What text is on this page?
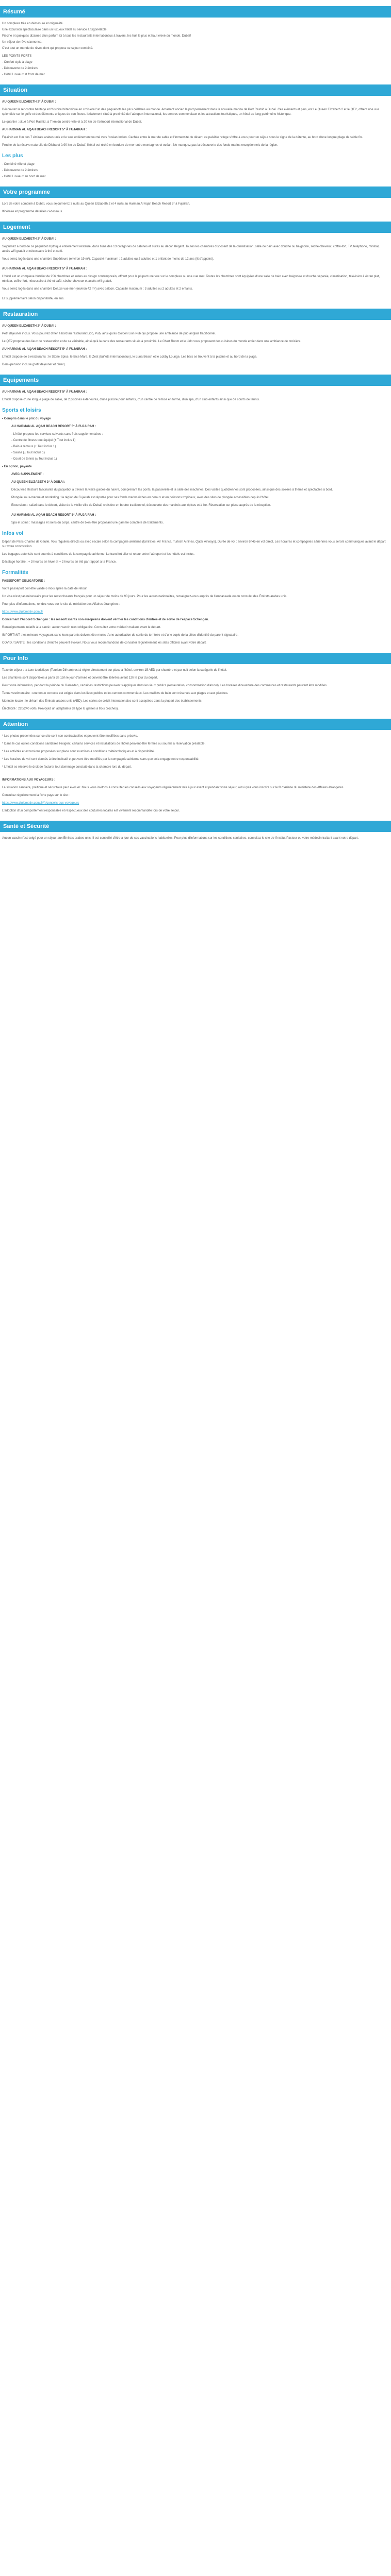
Résumé
Un complexe très en démesure et originalité.
Une excursion spectaculaire dans un luxueux hôtel au service à Sigonélable.
Piscine et quelques dizaines d'un parfum ici à tous les restaurants internationaux à travers, les huit le plus et haut élevé du monde. Dubaï!
Un séjour de rêve s'annonce.
C'est tout un monde de rêves dont qui propose ce séjour combiné.
LES POINTS FORTS
- Confort style à plage
- Découverte de 2 émirats
- Hôtel Luxueux et front de mer
Situation
AU QUEEN ELIZABETH 2* À DUBAI :
Découvrez la rencontre héritage et l'histoire britannique en croisière l'un des paquebots les plus célèbres au monde. Amarrant ancien le port permanent dans la nouvelle marina de Port Rashid à Dubaï. Ces éléments et plus, est Le Queen Elizabeth 2 et le QE2, offrent une vue splendide sur le golfe et des éléments uniques de son fleuve. Idéalement situé à proximité de l'aéroport international, les centres commerciaux et les attractions touristiques, un hôtel au long patrimoine historique.
Le quartier : situé à Port Rashid, à 7 km du centre-ville et à 20 km de l'aéroport international de Dubaï.
AU HARMAN AL AQAH BEACH RESORT 5* À FUJAIRAH :
Fujairah est l'un des 7 émirats arabes unis et le seul entièrement tourné vers l'océan Indien. Cachée entre la mer de sable et l'immensité du désert, ce paisible refuge s'offre à vous pour un séjour sous le signe de la détente, au bord d'une longue plage de sable fin.
Proche de la réserve naturelle de Dibba et à 90 km de Dubaï, l'hôtel est niché en bordure de mer entre montagnes et océan. Ne manquez pas la découverte des fonds marins exceptionnels de la région.
Les plus
- Combiné ville et plage
- Découverte de 2 émirats
- Hôtel Luxueux en bord de mer
Votre programme
Lors de votre combiné à Dubaï, vous séjournerez 3 nuits au Queen Elizabeth 2 et 4 nuits au Harman Al Aqah Beach Resort 5* à Fujairah.
Itinéraire et programme détaillés ci-dessous.
Logement
AU QUEEN ELIZABETH 2* À DUBAI :
Séjournez à bord de ce paquebot mythique entièrement restauré, dans l'une des 13 catégories de cabines et suites au décor élégant. Toutes les chambres disposent de la climatisation, salle de bain avec douche ou baignoire, sèche-cheveux, coffre-fort, TV, téléphone, minibar, accès wifi gratuit et nécessaire à thé et café.
Vous serez logés dans une chambre Supérieure (environ 19 m²). Capacité maximum : 2 adultes ou 2 adultes et 1 enfant de moins de 12 ans (lit d'appoint).
AU HARMAN AL AQAH BEACH RESORT 5* À FUJAIRAH :
L'hôtel est un complexe hôtelier de 256 chambres et suites au design contemporain, offrant pour la plupart une vue sur le complexe ou une vue mer. Toutes les chambres sont équipées d'une salle de bain avec baignoire et douche séparée, climatisation, télévision à écran plat, minibar, coffre-fort, nécessaire à thé et café, sèche-cheveux et accès wifi gratuit.
Vous serez logés dans une chambre Deluxe vue mer (environ 42 m²) avec balcon. Capacité maximum : 3 adultes ou 2 adultes et 2 enfants.
Lit supplémentaire selon disponibilité, en sus.
Restauration
AU QUEEN ELIZABETH 2* À DUBAI :
Petit déjeuner inclus. Vous pourrez dîner à bord au restaurant Lido, Pub, ainsi qu'au Golden Lion Pub qui propose une ambiance de pub anglais traditionnel.
Le QE2 propose des lieux de restauration et de sa véritable, ainsi qu'à la carte des restaurants situés à proximité. Le Chart Room et le Lido vous proposent des cuisines du monde entier dans une ambiance de croisière.
AU HARMAN AL AQAH BEACH RESORT 5* À FUJAIRAH :
L'hôtel dispose de 5 restaurants : le Stone Spice, le Bice Mare, le Zest (buffets internationaux), le Luna Beach et le Lobby Lounge. Les bars se trouvent à la piscine et au bord de la plage.
Demi-pension incluse (petit déjeuner et dîner).
Equipements
AU HARMAN AL AQAH BEACH RESORT 5* À FUJAIRAH :
L'hôtel dispose d'une longue plage de sable, de 2 piscines extérieures, d'une piscine pour enfants, d'un centre de remise en forme, d'un spa, d'un club enfants ainsi que de courts de tennis.
Sports et loisirs
• Compris dans le prix du voyage
AU HARMAN AL AQAH BEACH RESORT 5* À FUJAIRAH :
- L'hôtel propose les services suivants sans frais supplémentaires :
- Centre de fitness tout équipé (± Tout inclus 1)
- Bain à remous (± Tout inclus 1)
- Sauna (± Tout inclus 1)
- Court de tennis (± Tout inclus 1)
• En option, payante
AVEC SUPPLÉMENT :
AU QUEEN ELIZABETH 2* À DUBAI :
Découvrez l'histoire fascinante du paquebot à travers la visite guidée du navire, comprenant les ponts, la passerelle et la salle des machines. Des visites quotidiennes sont proposées, ainsi que des soirées à thème et spectacles à bord.
Plongée sous-marine et snorkeling : la région de Fujairah est réputée pour ses fonds marins riches en coraux et en poissons tropicaux, avec des sites de plongée accessibles depuis l'hôtel.
Excursions : safari dans le désert, visite de la vieille ville de Dubaï, croisière en boutre traditionnel, découverte des marchés aux épices et à l'or. Réservation sur place auprès de la réception.
AU HARMAN AL AQAH BEACH RESORT 5* À FUJAIRAH :
Spa et soins : massages et soins du corps, centre de bien-être proposant une gamme complète de traitements.
Infos vol
Départ de Paris Charles de Gaulle. Vols réguliers directs ou avec escale selon la compagnie aérienne (Emirates, Air France, Turkish Airlines, Qatar Airways). Durée de vol : environ 6h45 en vol direct. Les horaires et compagnies aériennes vous seront communiqués avant le départ sur votre convocation.
Les bagages autorisés sont soumis à conditions de la compagnie aérienne. Le transfert aller et retour entre l'aéroport et les hôtels est inclus.
Décalage horaire : + 3 heures en hiver et + 2 heures en été par rapport à la France.
Formalités
PASSEPORT OBLIGATOIRE :
Votre passeport doit être valide 6 mois après la date de retour.
Un visa n'est pas nécessaire pour les ressortissants français pour un séjour de moins de 90 jours. Pour les autres nationalités, renseignez-vous auprès de l'ambassade ou du consulat des Émirats arabes unis.
Pour plus d'informations, rendez-vous sur le site du ministère des Affaires étrangères :
https://www.diplomatie.gouv.fr
Concernant l'Accord Schengen : les ressortissants non européens doivent vérifier les conditions d'entrée et de sortie de l'espace Schengen.
Renseignements relatifs à la santé : aucun vaccin n'est obligatoire. Consultez votre médecin traitant avant le départ.
IMPORTANT : les mineurs voyageant sans leurs parents doivent être munis d'une autorisation de sortie du territoire et d'une copie de la pièce d'identité du parent signataire.
COVID / SANTÉ : les conditions d'entrée peuvent évoluer. Nous vous recommandons de consulter régulièrement les sites officiels avant votre départ.
Pour Info
Taxe de séjour : la taxe touristique (Tourism Dirham) est à régler directement sur place à l'hôtel, environ 15 AED par chambre et par nuit selon la catégorie de l'hôtel.
Les chambres sont disponibles à partir de 15h le jour d'arrivée et doivent être libérées avant 12h le jour du départ.
Pour votre information, pendant la période du Ramadan, certaines restrictions peuvent s'appliquer dans les lieux publics (restauration, consommation d'alcool). Les horaires d'ouverture des commerces et restaurants peuvent être modifiés.
Tenue vestimentaire : une tenue correcte est exigée dans les lieux publics et les centres commerciaux. Les maillots de bain sont réservés aux plages et aux piscines.
Monnaie locale : le dirham des Émirats arabes unis (AED). Les cartes de crédit internationales sont acceptées dans la plupart des établissements.
Électricité : 220/240 volts. Prévoyez un adaptateur de type G (prises à trois broches).
Attention
* Les photos présentées sur ce site sont non contractuelles et peuvent être modifiées sans préavis.
* Dans le cas où les conditions sanitaires l'exigent, certains services et installations de l'hôtel peuvent être fermés ou soumis à réservation préalable.
* Les activités et excursions proposées sur place sont soumises à conditions météorologiques et à disponibilité.
* Les horaires de vol sont donnés à titre indicatif et peuvent être modifiés par la compagnie aérienne sans que cela engage notre responsabilité.
* L'hôtel se réserve le droit de facturer tout dommage constaté dans la chambre lors du départ.
INFORMATIONS AUX VOYAGEURS :
La situation sanitaire, politique et sécuritaire peut évoluer. Nous vous invitons à consulter les conseils aux voyageurs régulièrement mis à jour avant et pendant votre séjour, ainsi qu'à vous inscrire sur le fil d'Ariane du ministère des Affaires étrangères.
Consultez régulièrement la fiche pays sur le site :
https://www.diplomatie.gouv.fr/fr/conseils-aux-voyageurs
L'adoption d'un comportement responsable et respectueux des coutumes locales est vivement recommandée lors de votre séjour.
Santé et Sécurité
Aucun vaccin n'est exigé pour un séjour aux Émirats arabes unis. Il est conseillé d'être à jour de ses vaccinations habituelles. Pour plus d'informations sur les conditions sanitaires, consultez le site de l'Institut Pasteur ou votre médecin traitant avant votre départ.
